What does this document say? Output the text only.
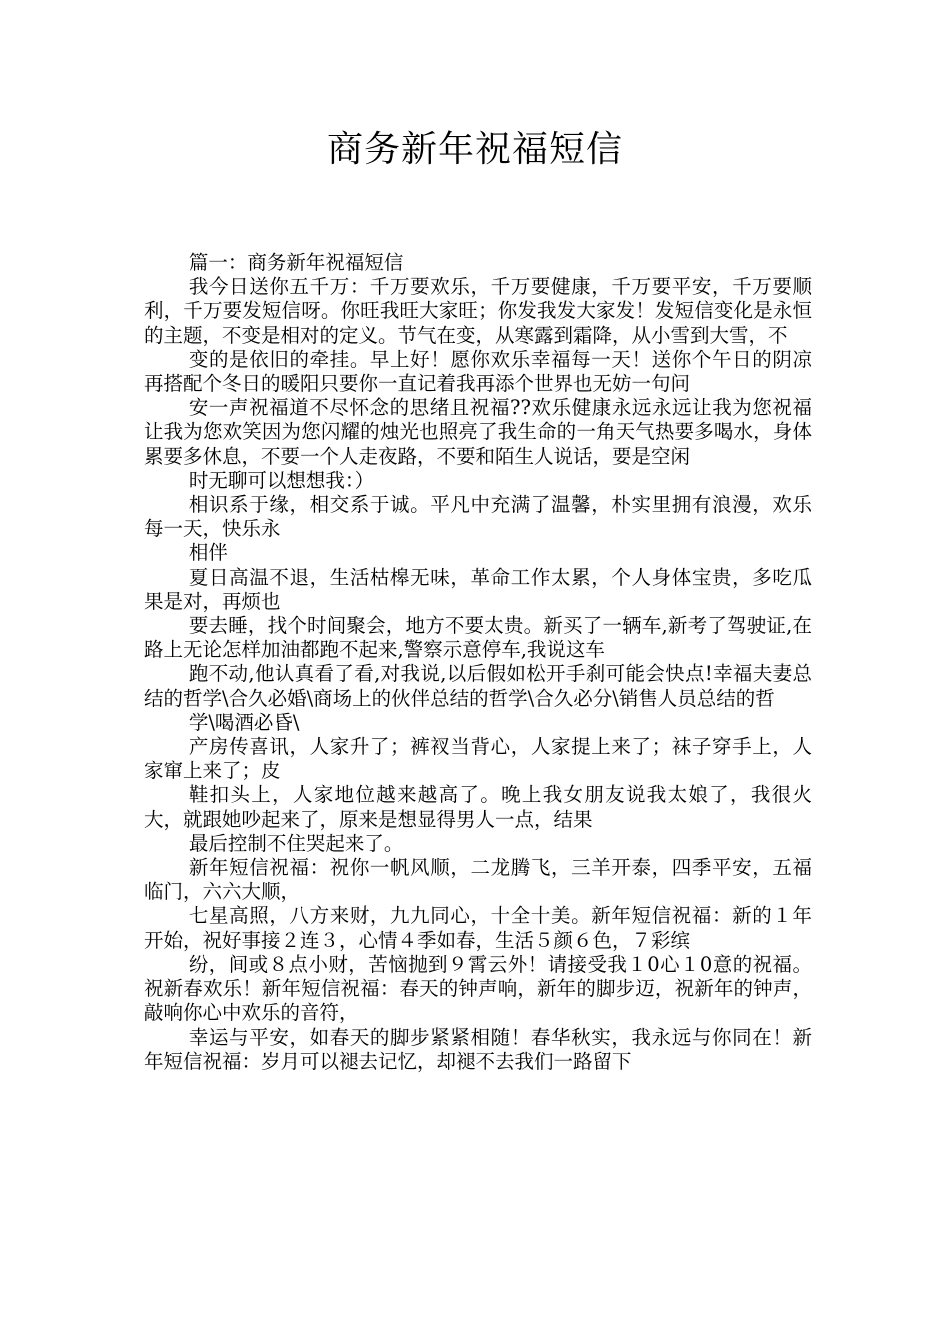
商务新年祝福短信

篇一：商务新年祝福短信

我今日送你五千万：千万要欢乐，千万要健康，千万要平安，千万要顺利，千万要发短信呀。你旺我旺大家旺；你发我发大家发！发短信变化是永恒的主题，不变是相对的定义。节气在变，从寒露到霜降，从小雪到大雪，不

变的是依旧的牵挂。早上好！愿你欢乐幸福每一天！送你个午日的阴凉再搭配个冬日的暖阳只要你一直记着我再添个世界也无妨一句问

安一声祝福道不尽怀念的思绪且祝福??欢乐健康永远永远让我为您祝福让我为您欢笑因为您闪耀的烛光也照亮了我生命的一角天气热要多喝水，身体累要多休息，不要一个人走夜路，不要和陌生人说话，要是空闲

时无聊可以想想我：）

相识系于缘，相交系于诚。平凡中充满了温馨，朴实里拥有浪漫，欢乐每一天，快乐永

相伴

夏日高温不退，生活枯槔无味，革命工作太累，个人身体宝贵，多吃瓜果是对，再烦也

要去睡，找个时间聚会，地方不要太贵。新买了一辆车,新考了驾驶证,在路上无论怎样加油都跑不起来,警察示意停车,我说这车

跑不动,他认真看了看,对我说,以后假如松开手刹可能会快点!幸福夫妻总结的哲学\合久必婚\商场上的伙伴总结的哲学\合久必分\销售人员总结的哲

学\喝酒必昏\

产房传喜讯，人家升了；裤衩当背心，人家提上来了；袜子穿手上，人家窜上来了；皮

鞋扣头上，人家地位越来越高了。晚上我女朋友说我太娘了，我很火大，就跟她吵起来了，原来是想显得男人一点，结果

最后控制不住哭起来了。

新年短信祝福：祝你一帆风顺，二龙腾飞，三羊开泰，四季平安，五福临门，六六大顺，

七星高照，八方来财，九九同心，十全十美。新年短信祝福：新的１年开始，祝好事接２连３，心情４季如春，生活５颜６色，７彩缤

纷，间或８点小财，苦恼抛到９霄云外！请接受我１0心１0意的祝福。祝新春欢乐！新年短信祝福：春天的钟声响，新年的脚步迈，祝新年的钟声，敲响你心中欢乐的音符，

幸运与平安，如春天的脚步紧紧相随！春华秋实，我永远与你同在！新年短信祝福：岁月可以褪去记忆，却褪不去我们一路留下
